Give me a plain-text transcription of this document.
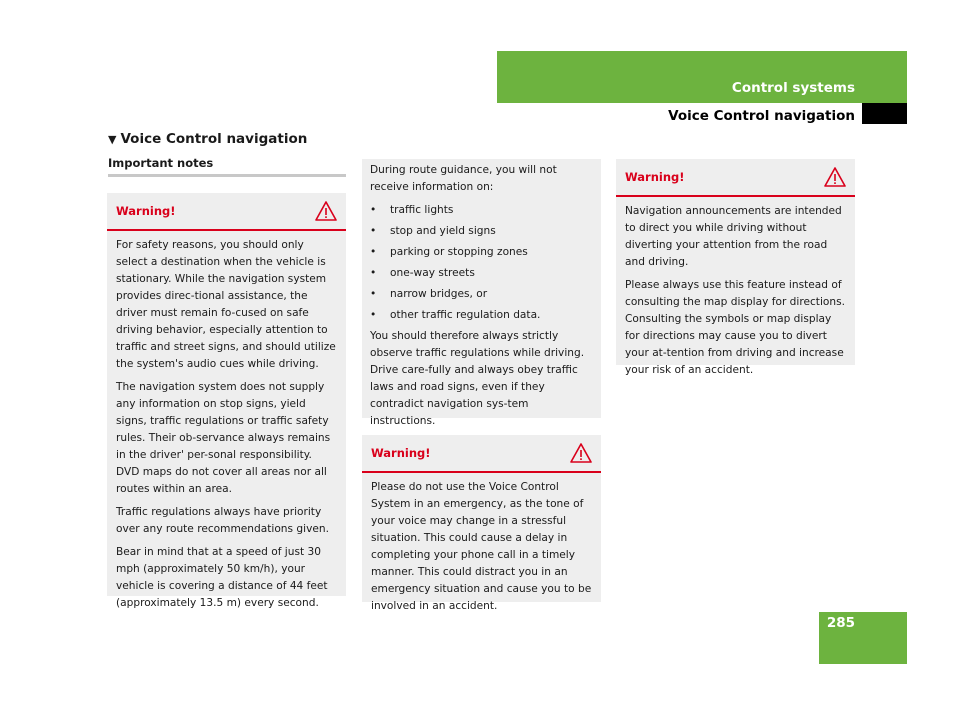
Control systems
Voice Control navigation
▼ Voice Control navigation
Important notes
Warning!

For safety reasons, you should only select a destination when the vehicle is stationary. While the navigation system provides direc-tional assistance, the driver must remain fo-cused on safe driving behavior, especially attention to traffic and street signs, and should utilize the system's audio cues while driving.

The navigation system does not supply any information on stop signs, yield signs, traffic regulations or traffic safety rules. Their ob-servance always remains in the driver' per-sonal responsibility. DVD maps do not cover all areas nor all routes within an area.

Traffic regulations always have priority over any route recommendations given.

Bear in mind that at a speed of just 30 mph (approximately 50 km/h), your vehicle is covering a distance of 44 feet (approximately 13.5 m) every second.

During route guidance, you will not receive information on:

•	traffic lights
•	stop and yield signs
•	parking or stopping zones
•	one-way streets
•	narrow bridges, or
•	other traffic regulation data.

You should therefore always strictly observe traffic regulations while driving. Drive care-fully and always obey traffic laws and road signs, even if they contradict navigation sys-tem instructions.

Warning!

Please do not use the Voice Control System in an emergency, as the tone of your voice may change in a stressful situation. This could cause a delay in completing your phone call in a timely manner. This could distract you in an emergency situation and cause you to be involved in an accident.

Warning!

Navigation announcements are intended to direct you while driving without diverting your attention from the road and driving.

Please always use this feature instead of consulting the map display for directions. Consulting the symbols or map display for directions may cause you to divert your at-tention from driving and increase your risk of an accident.

285
